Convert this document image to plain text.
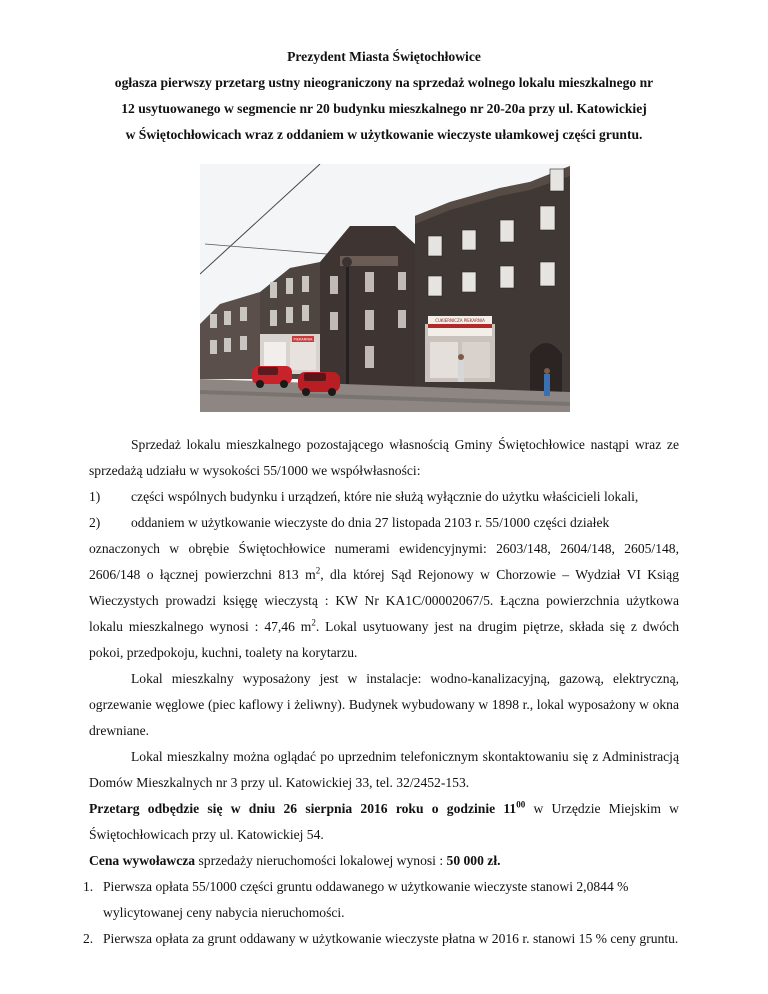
Prezydent Miasta Świętochłowice
ogłasza pierwszy przetarg ustny nieograniczony na sprzedaż wolnego lokalu mieszkalnego nr
12 usytuowanego w segmencie nr 20 budynku mieszkalnego nr 20-20a przy ul. Katowickiej
w Świętochłowicach wraz z oddaniem w użytkowanie wieczyste ułamkowej części gruntu.
CUKIERNICZA PIEKARNIA
PIEKARNIA
Sprzedaż lokalu mieszkalnego pozostającego własnością Gminy Świętochłowice nastąpi wraz ze sprzedażą udziału w wysokości 55/1000 we współwłasności:
1)	części wspólnych budynku i urządzeń, które nie służą wyłącznie do użytku właścicieli lokali,
2)	oddaniem w użytkowanie wieczyste do dnia 27 listopada 2103 r. 55/1000 części działek
oznaczonych w obrębie Świętochłowice numerami ewidencyjnymi: 2603/148, 2604/148, 2605/148, 2606/148 o łącznej powierzchni 813 $m^2$, dla której Sąd Rejonowy w Chorzowie – Wydział VI Ksiąg Wieczystych prowadzi księgę wieczystą : KW Nr KA1C/00002067/5. Łączna powierzchnia użytkowa lokalu mieszkalnego wynosi : 47,46 $m^2$. Lokal usytuowany jest na drugim piętrze, składa się z dwóch pokoi, przedpokoju, kuchni, toalety na korytarzu.
Lokal mieszkalny wyposażony jest w instalacje: wodno-kanalizacyjną, gazową, elektryczną, ogrzewanie węglowe (piec kaflowy i żeliwny). Budynek wybudowany w 1898 r., lokal wyposażony w okna drewniane.
Lokal mieszkalny można oglądać po uprzednim telefonicznym skontaktowaniu się z Administracją Domów Mieszkalnych nr 3 przy ul. Katowickiej 33, tel. 32/2452-153.
Przetarg odbędzie się w dniu 26 sierpnia 2016 roku o godzinie $11^{00}$ w Urzędzie Miejskim w Świętochłowicach przy ul. Katowickiej 54.
Cena wywoławcza sprzedaży nieruchomości lokalowej wynosi : 50 000 zł.
1. Pierwsza opłata 55/1000 części gruntu oddawanego w użytkowanie wieczyste stanowi 2,0844 % wylicytowanej ceny nabycia nieruchomości.
2. Pierwsza opłata za grunt oddawany w użytkowanie wieczyste płatna w 2016 r. stanowi 15 % ceny gruntu.
